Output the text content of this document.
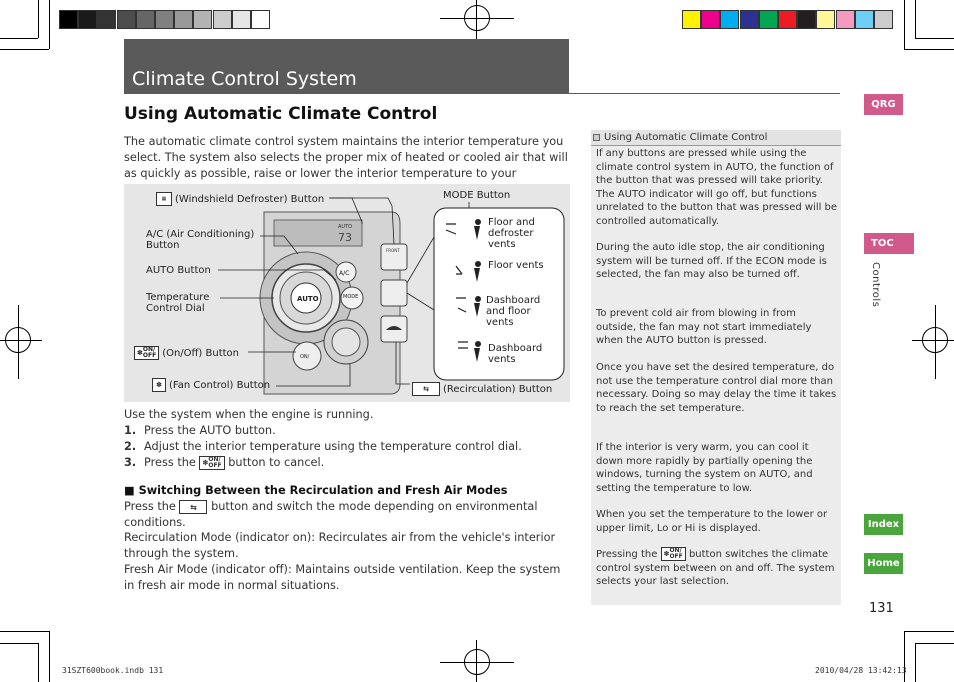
Climate Control System
Using Automatic Climate Control
The automatic climate control system maintains the interior temperature you select. The system also selects the proper mix of heated or cooled air that will as quickly as possible, raise or lower the interior temperature to your
AUTO
73
FRONT
AUTO
A/C
MODE
ON/
▦ (Windshield Defroster) Button	MODE Button
A/C (Air Conditioning) Button
AUTO Button
Temperature Control Dial
✽ ON/
OFF (On/Off) Button
✽ (Fan Control) Button	⇆	(Recirculation) Button
Floor and defroster vents
Floor vents
Dashboard and floor vents
Dashboard vents
Use the system when the engine is running.
1. Press the AUTO button.
2. Adjust the interior temperature using the temperature control dial.
3. Press the ✽ ON/
OFF button to cancel.
■ Switching Between the Recirculation and Fresh Air Modes
Press the ⇆ button and switch the mode depending on environmental conditions.
Recirculation Mode (indicator on): Recirculates air from the vehicle's interior through the system.
Fresh Air Mode (indicator off): Maintains outside ventilation. Keep the system in fresh air mode in normal situations.
Using Automatic Climate Control
If any buttons are pressed while using the climate control system in AUTO, the function of the button that was pressed will take priority. The AUTO indicator will go off, but functions unrelated to the button that was pressed will be controlled automatically.
During the auto idle stop, the air conditioning system will be turned off. If the ECON mode is selected, the fan may also be turned off.
To prevent cold air from blowing in from outside, the fan may not start immediately when the AUTO button is pressed.
Once you have set the desired temperature, do not use the temperature control dial more than necessary. Doing so may delay the time it takes to reach the set temperature.
If the interior is very warm, you can cool it down more rapidly by partially opening the windows, turning the system on AUTO, and setting the temperature to low.
When you set the temperature to the lower or upper limit, Lo or Hi is displayed.
Pressing the ✽ ON/
OFF button switches the climate control system between on and off. The system selects your last selection.
QRG
TOC
Controls
Index
Home
131
31SZT600book.indb 131	2010/04/28 13:42:13
